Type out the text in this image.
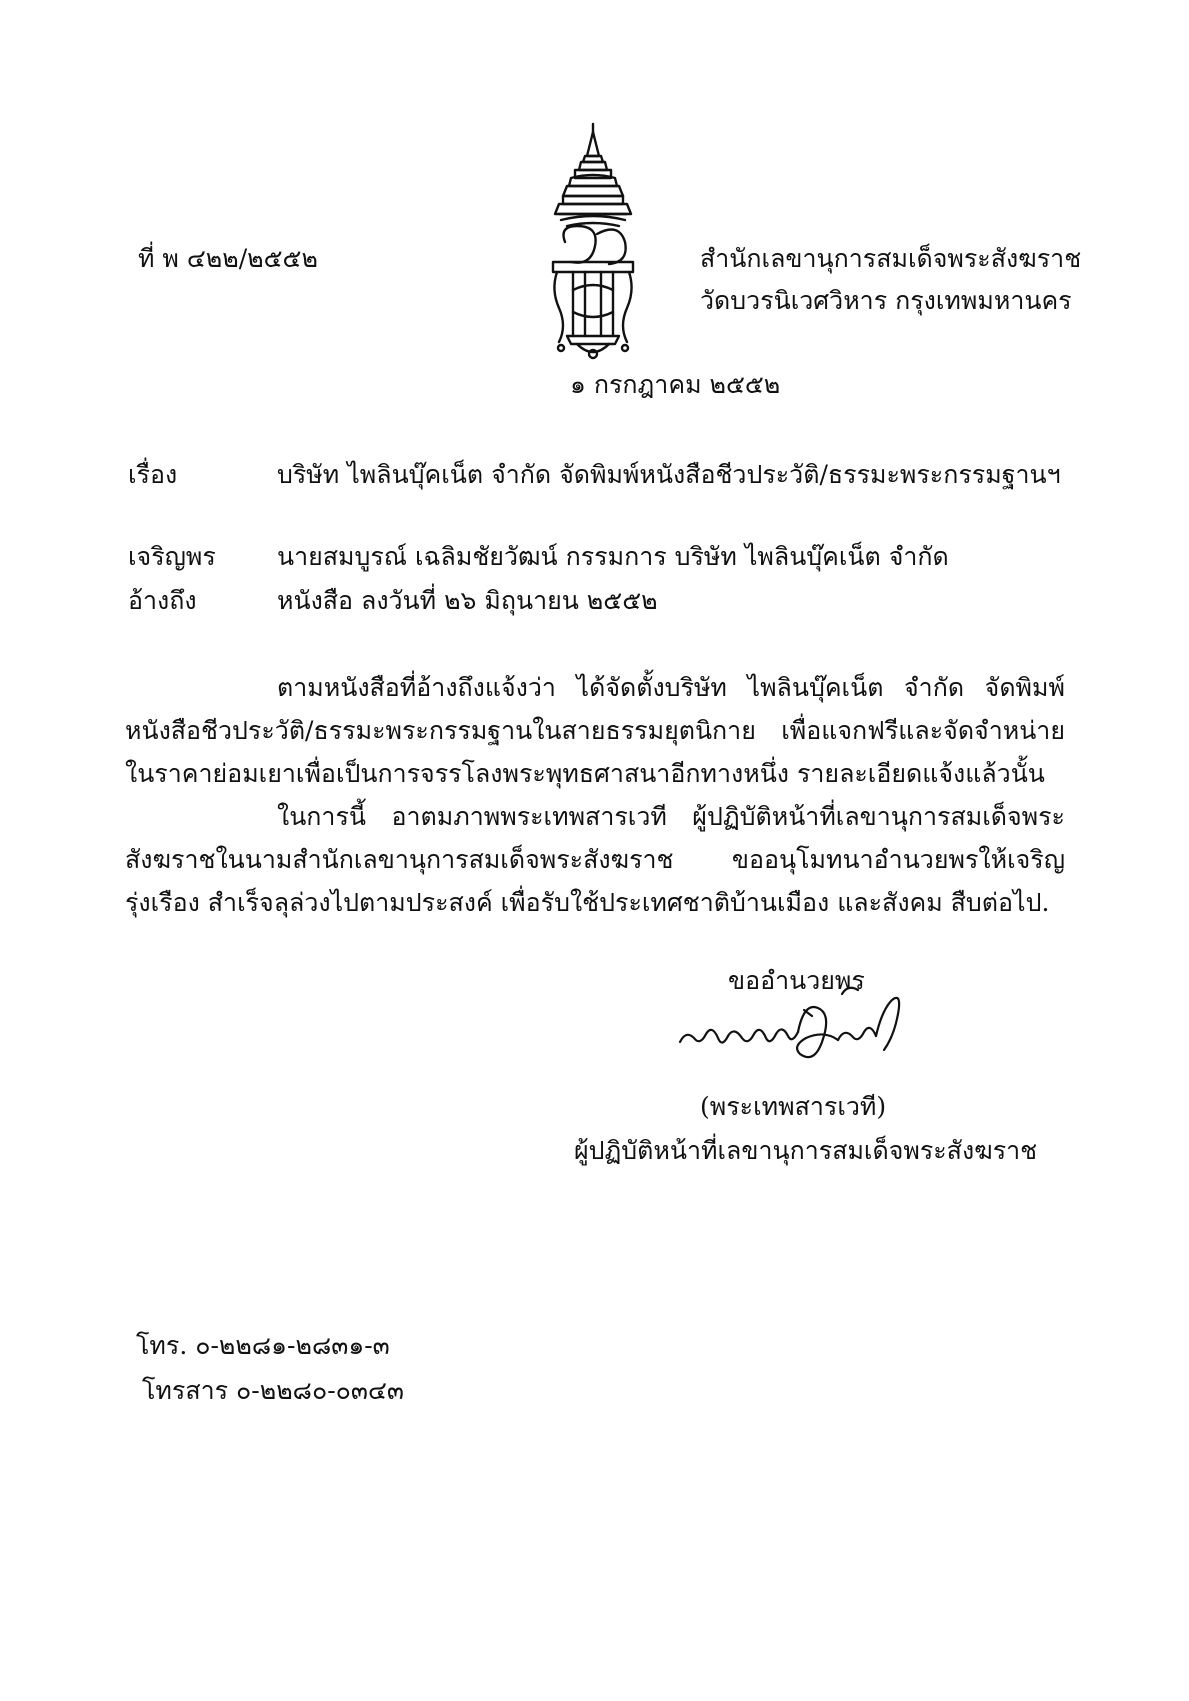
ที่ พ ๔๒๒/๒๕๕๒	สำนักเลขานุการสมเด็จพระสังฆราช
วัดบวรนิเวศวิหาร กรุงเทพมหานคร
๑ กรกฎาคม ๒๕๕๒
เรื่อง	บริษัท ไพลินบุ๊คเน็ต จำกัด จัดพิมพ์หนังสือชีวประวัติ/ธรรมะพระกรรมฐานฯ
เจริญพร นายสมบูรณ์ เฉลิมชัยวัฒน์ กรรมการ บริษัท ไพลินบุ๊คเน็ต จำกัด
อ้างถึง	หนังสือ ลงวันที่ ๒๖ มิถุนายน ๒๕๕๒
ตามหนังสือที่อ้างถึงแจ้งว่า ได้จัดตั้งบริษัท ไพลินบุ๊คเน็ต จำกัด จัดพิมพ์หนังสือชีวประวัติ/ธรรมะพระกรรมฐานในสายธรรมยุตนิกาย เพื่อแจกฟรีและจัดจำหน่าย ในราคาย่อมเยาเพื่อเป็นการจรรโลงพระพุทธศาสนาอีกทางหนึ่ง รายละเอียดแจ้งแล้วนั้น
ในการนี้ อาตมภาพพระเทพสารเวที ผู้ปฏิบัติหน้าที่เลขานุการสมเด็จพระสังฆราชในนามสำนักเลขานุการสมเด็จพระสังฆราช ขออนุโมทนาอำนวยพรให้เจริญรุ่งเรือง สำเร็จลุล่วงไปตามประสงค์ เพื่อรับใช้ประเทศชาติบ้านเมือง และสังคม สืบต่อไป.
ขออำนวยพร
(พระเทพสารเวที)
ผู้ปฏิบัติหน้าที่เลขานุการสมเด็จพระสังฆราช
โทร. ๐-๒๒๘๑-๒๘๓๑-๓
โทรสาร ๐-๒๒๘๐-๐๓๔๓
